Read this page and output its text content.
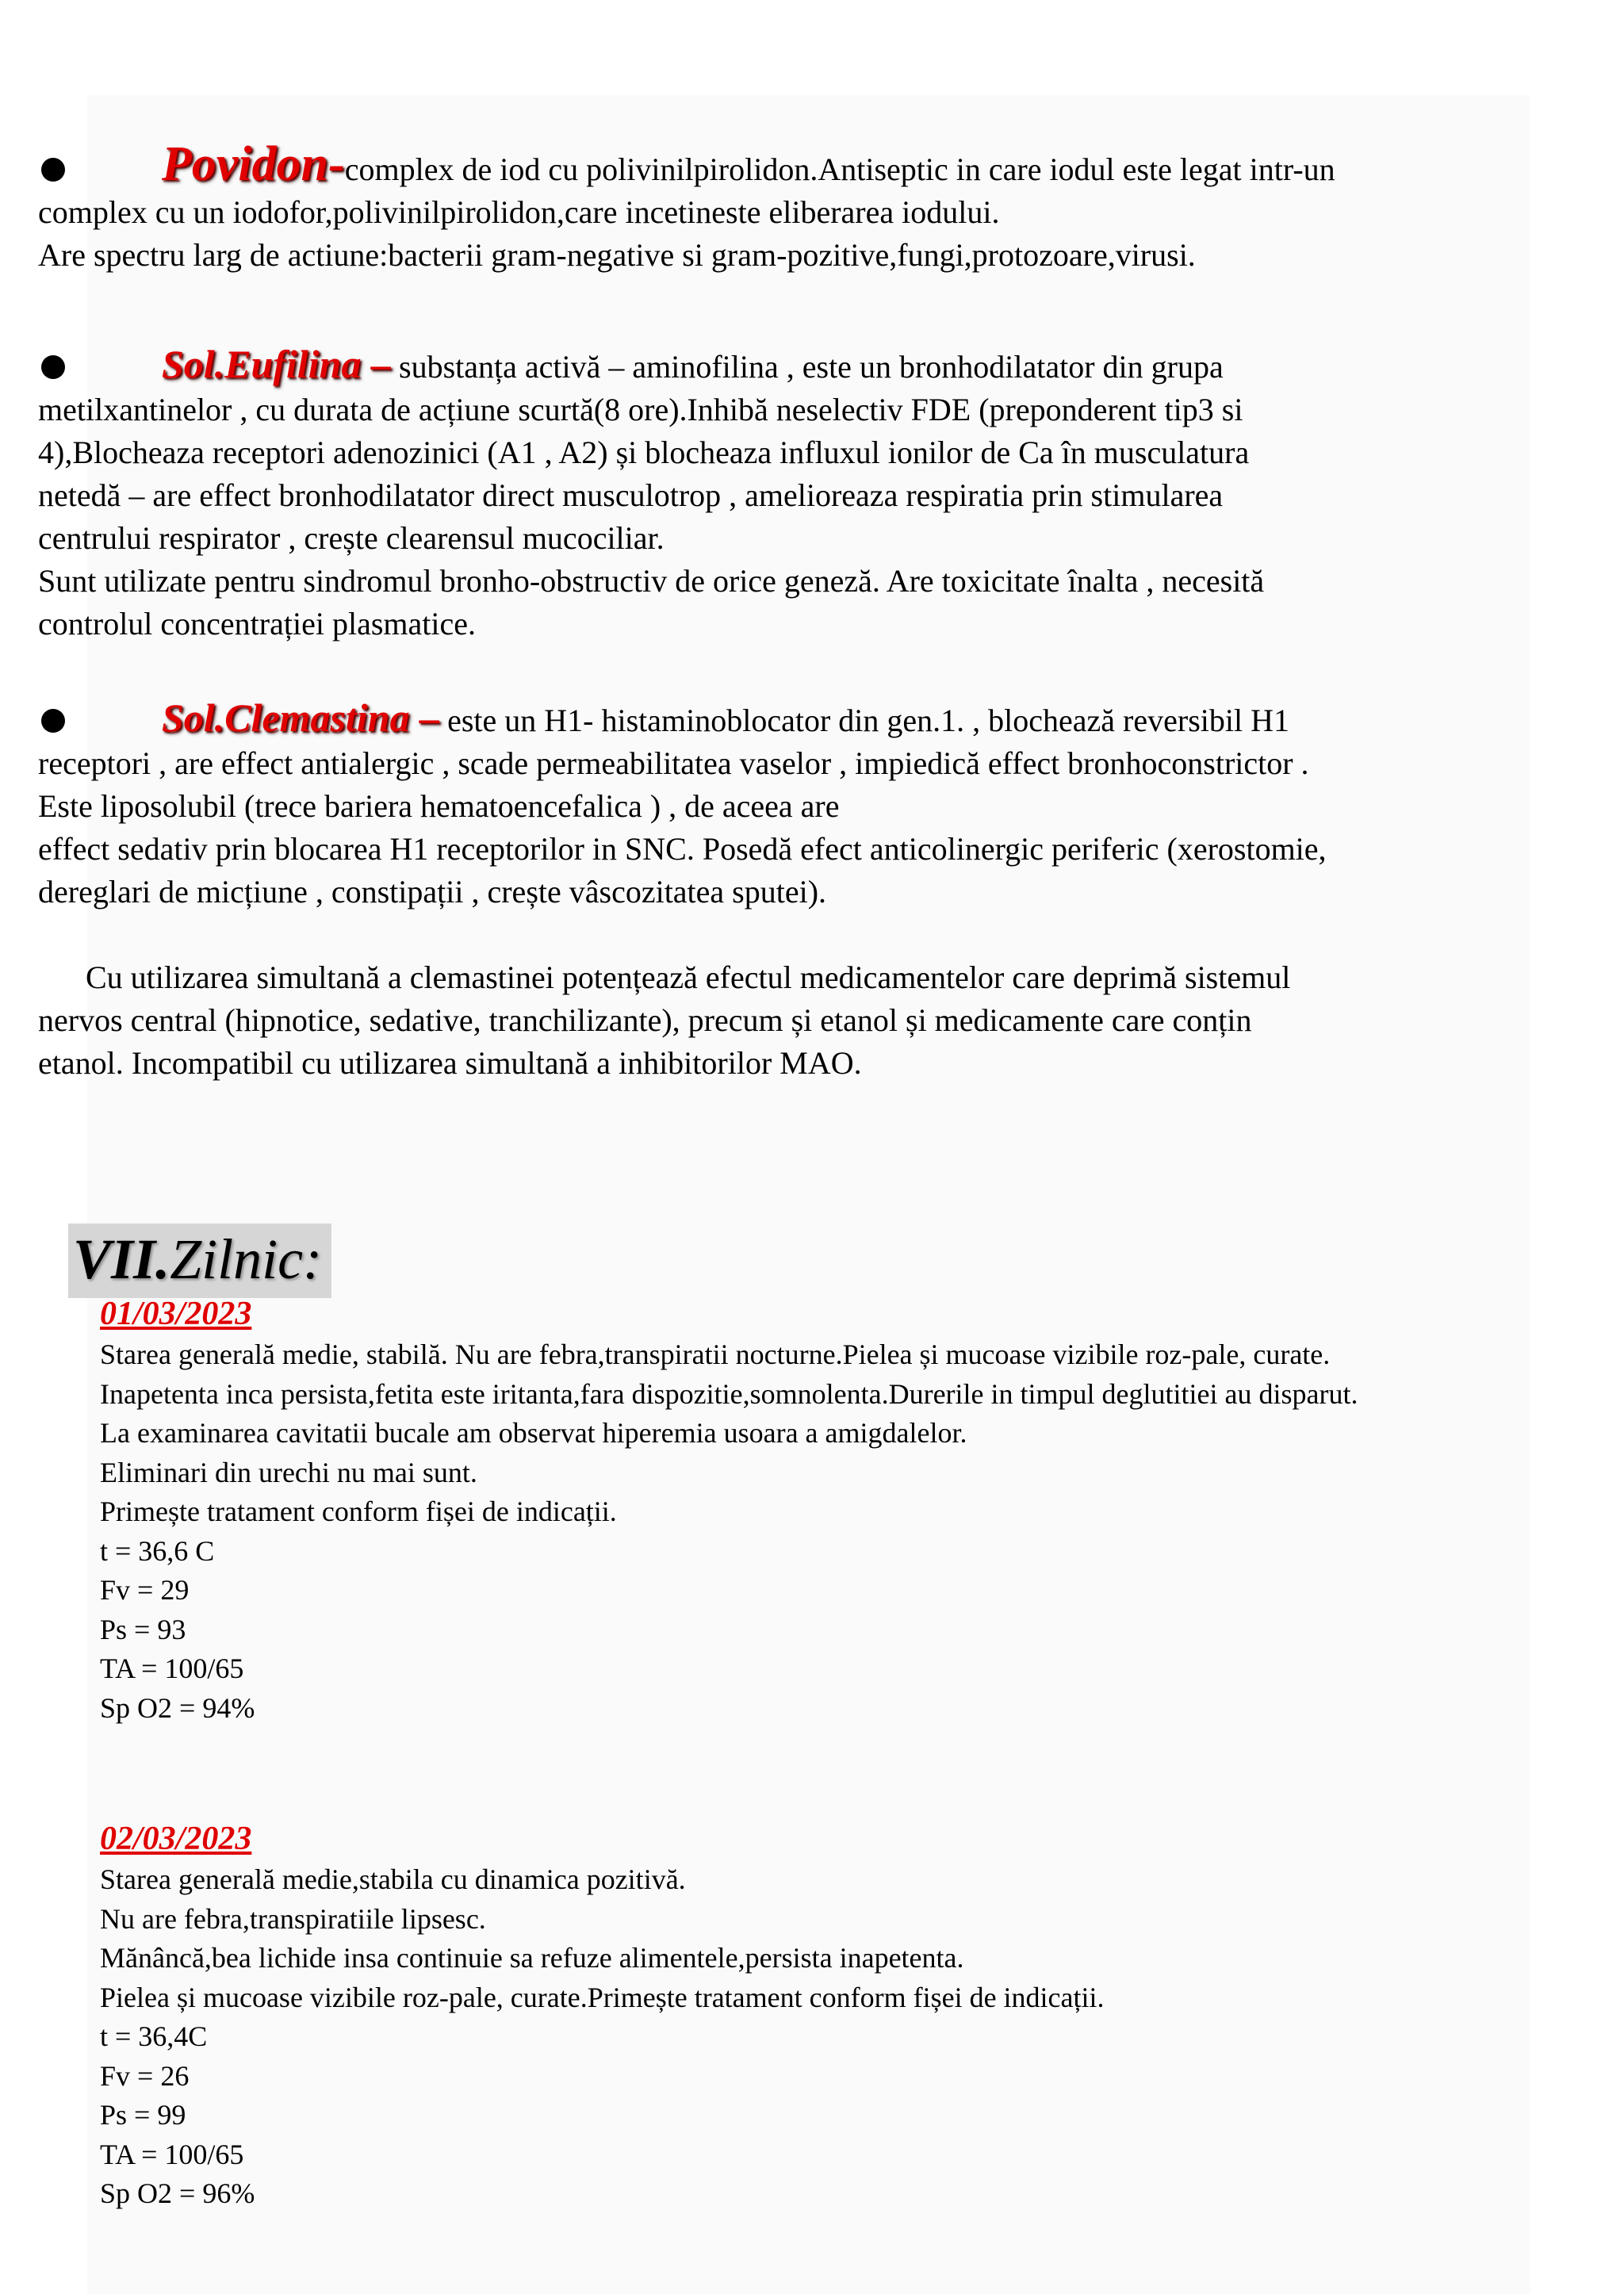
Povidon-complex de iod cu polivinilpirolidon.Antiseptic in care iodul este legat intr-un

complex cu un iodofor,polivinilpirolidon,care incetineste eliberarea iodului.

Are spectru larg de actiune:bacterii gram-negative si gram-pozitive,fungi,protozoare,virusi.

Sol.Eufilina – substanța activă – aminofilina , este un bronhodilatator din grupa

metilxantinelor , cu durata de acțiune scurtă(8 ore).Inhibă neselectiv FDE (preponderent tip3 si

4),Blocheaza receptori adenozinici (A1 , A2) și blocheaza influxul ionilor de Ca în musculatura

netedă – are effect bronhodilatator direct musculotrop , amelioreaza respiratia prin stimularea

centrului respirator , crește clearensul mucociliar.

Sunt utilizate pentru sindromul bronho-obstructiv de orice geneză. Are toxicitate înalta , necesită

controlul concentrației plasmatice.

Sol.Clemastina – este un H1- histaminoblocator din gen.1. , blochează reversibil H1

receptori , are effect antialergic , scade permeabilitatea vaselor , impiedică effect bronhoconstrictor .

Este liposolubil (trece bariera hematoencefalica ) , de aceea are

effect sedativ prin blocarea H1 receptorilor in SNC. Posedă efect anticolinergic periferic (xerostomie,

dereglari de micțiune , constipații , crește vâscozitatea sputei).

Cu utilizarea simultană a clemastinei potențează efectul medicamentelor care deprimă sistemul
nervos central (hipnotice, sedative, tranchilizante), precum și etanol și medicamente care conțin
etanol. Incompatibil cu utilizarea simultană a inhibitorilor MAO.
VII.Zilnic:

01/03/2023

Starea generală medie, stabilă. Nu are febra,transpiratii nocturne.Pielea și mucoase vizibile roz-pale, curate.

Inapetenta inca persista,fetita este iritanta,fara dispozitie,somnolenta.Durerile in timpul deglutitiei au disparut.

La examinarea cavitatii bucale am observat hiperemia usoara a amigdalelor.

Eliminari din urechi nu mai sunt.

Primește tratament conform fișei de indicații.

t = 36,6 C

Fv = 29

Ps = 93

TA = 100/65

Sp O2 = 94%

02/03/2023

Starea generală medie,stabila cu dinamica pozitivă.

Nu are febra,transpiratiile lipsesc.

Mănâncă,bea lichide insa continuie sa refuze alimentele,persista inapetenta.

Pielea și mucoase vizibile roz-pale, curate.Primește tratament conform fișei de indicații.

t = 36,4C

Fv = 26

Ps = 99

TA = 100/65

Sp O2 = 96%
